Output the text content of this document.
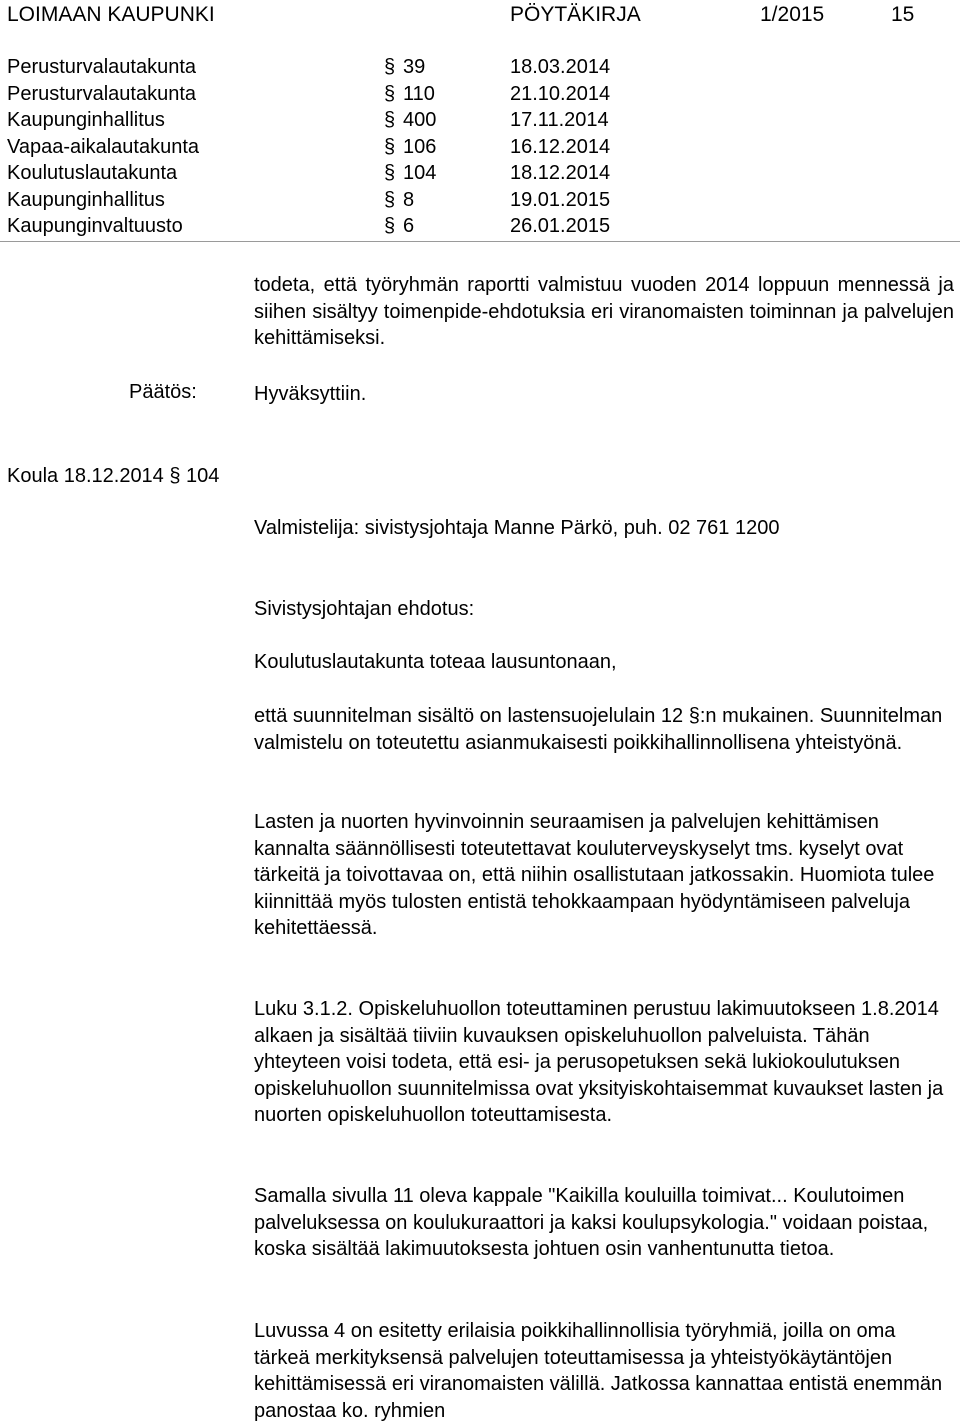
LOIMAAN KAUPUNKI	PÖYTÄKIRJA	1/2015	15
Perusturvalautakunta	§ 39	18.03.2014
Perusturvalautakunta	§ 110	21.10.2014
Kaupunginhallitus	§ 400	17.11.2014
Vapaa-aikalautakunta	§ 106	16.12.2014
Koulutuslautakunta	§ 104	18.12.2014
Kaupunginhallitus	§ 8	19.01.2015
Kaupunginvaltuusto	§ 6	26.01.2015

todeta, että työryhmän raportti valmistuu vuoden 2014 loppuun mennessä ja siihen sisältyy toimenpide-ehdotuksia eri viranomaisten toiminnan ja palvelujen kehittämiseksi.

Päätös:	Hyväksyttiin.

Koula 18.12.2014 § 104

Valmistelija: sivistysjohtaja Manne Pärkö, puh. 02 761 1200

Sivistysjohtajan ehdotus:

Koulutuslautakunta toteaa lausuntonaan,

että suunnitelman sisältö on lastensuojelulain 12 §:n mukainen. Suunnitelman valmistelu on toteutettu asianmukaisesti poikkihallinnollisena yhteistyönä.

Lasten ja nuorten hyvinvoinnin seuraamisen ja palvelujen kehittämisen kannalta säännöllisesti toteutettavat kouluterveyskyselyt tms. kyselyt ovat tärkeitä ja toivottavaa on, että niihin osallistutaan jatkossakin. Huomiota tulee kiinnittää myös tulosten entistä tehokkaampaan hyödyntämiseen palveluja kehitettäessä.

Luku 3.1.2. Opiskeluhuollon toteuttaminen perustuu lakimuutokseen 1.8.2014 alkaen ja sisältää tiiviin kuvauksen opiskeluhuollon palveluista. Tähän yhteyteen voisi todeta, että esi- ja perusopetuksen sekä lukiokoulutuksen opiskeluhuollon suunnitelmissa ovat yksityiskohtaisemmat kuvaukset lasten ja nuorten opiskeluhuollon toteuttamisesta.

Samalla sivulla 11 oleva kappale "Kaikilla kouluilla toimivat... Koulutoimen palveluksessa on koulukuraattori ja kaksi koulupsykologia." voidaan poistaa, koska sisältää lakimuutoksesta johtuen osin vanhentunutta tietoa.

Luvussa 4 on esitetty erilaisia poikkihallinnollisia työryhmiä, joilla on oma tärkeä merkityksensä palvelujen toteuttamisessa ja yhteistyökäytäntöjen kehittämisessä eri viranomaisten välillä. Jatkossa kannattaa entistä enemmän panostaa ko. ryhmien
